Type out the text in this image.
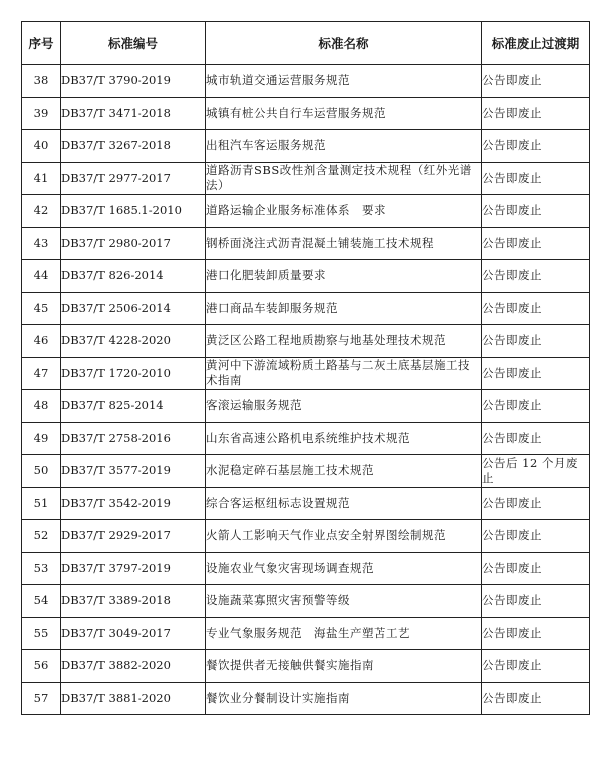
序号	标准编号	标准名称	标准废止过渡期
38	DB37/T 3790-2019	城市轨道交通运营服务规范	公告即废止
39	DB37/T 3471-2018	城镇有桩公共自行车运营服务规范	公告即废止
40	DB37/T 3267-2018	出租汽车客运服务规范	公告即废止
41	DB37/T 2977-2017	道路沥青SBS改性剂含量测定技术规程（红外光谱法）	公告即废止
42	DB37/T 1685.1-2010	道路运输企业服务标准体系　要求	公告即废止
43	DB37/T 2980-2017	钢桥面浇注式沥青混凝土铺装施工技术规程	公告即废止
44	DB37/T 826-2014	港口化肥装卸质量要求	公告即废止
45	DB37/T 2506-2014	港口商品车装卸服务规范	公告即废止
46	DB37/T 4228-2020	黄泛区公路工程地质勘察与地基处理技术规范	公告即废止
47	DB37/T 1720-2010	黄河中下游流域粉质土路基与二灰土底基层施工技术指南	公告即废止
48	DB37/T 825-2014	客滚运输服务规范	公告即废止
49	DB37/T 2758-2016	山东省高速公路机电系统维护技术规范	公告即废止
50	DB37/T 3577-2019	水泥稳定碎石基层施工技术规范	公告后 12 个月废止
51	DB37/T 3542-2019	综合客运枢纽标志设置规范	公告即废止
52	DB37/T 2929-2017	火箭人工影响天气作业点安全射界图绘制规范	公告即废止
53	DB37/T 3797-2019	设施农业气象灾害现场调查规范	公告即废止
54	DB37/T 3389-2018	设施蔬菜寡照灾害预警等级	公告即废止
55	DB37/T 3049-2017	专业气象服务规范　海盐生产塑苫工艺	公告即废止
56	DB37/T 3882-2020	餐饮提供者无接触供餐实施指南	公告即废止
57	DB37/T 3881-2020	餐饮业分餐制设计实施指南	公告即废止
